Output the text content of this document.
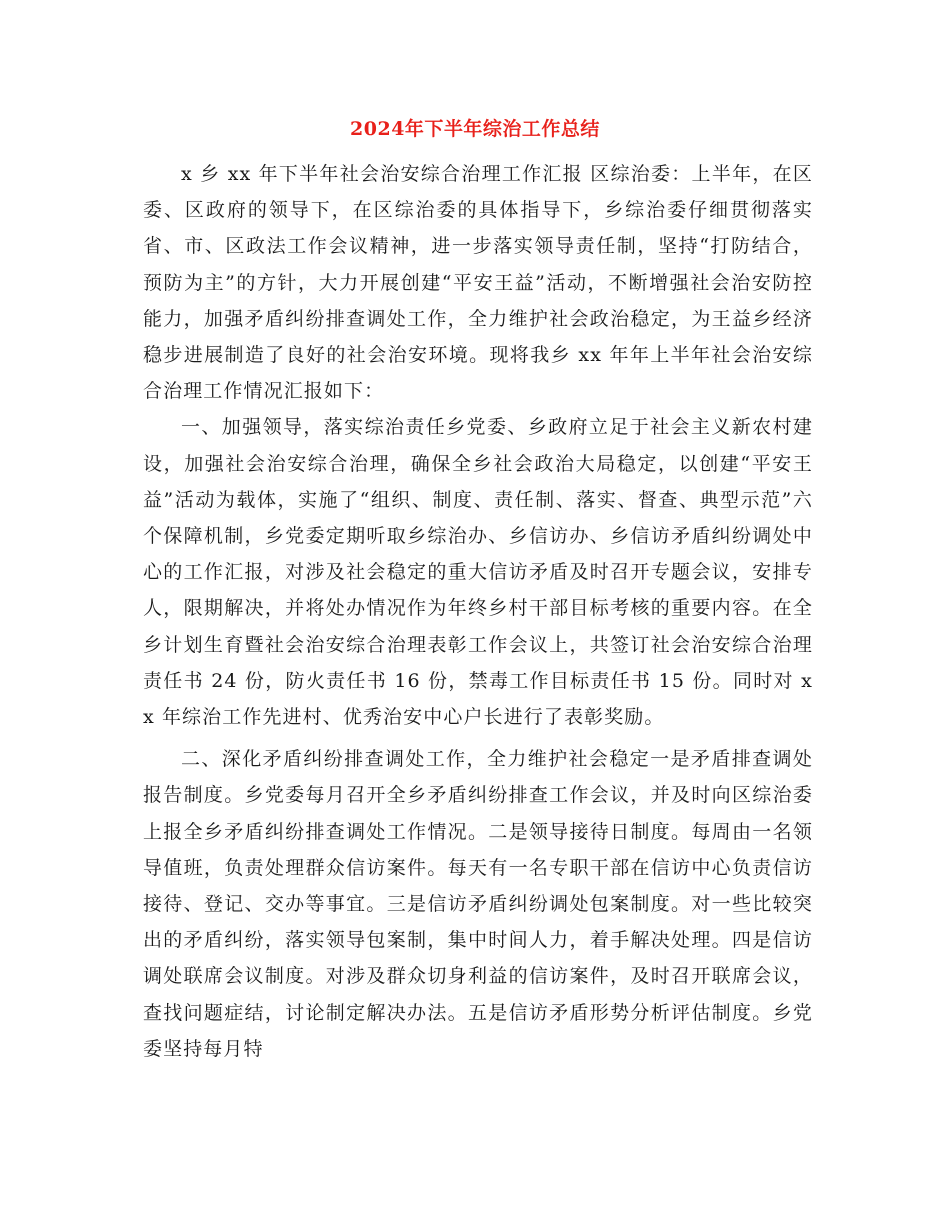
2024年下半年综治工作总结

x 乡 xx 年下半年社会治安综合治理工作汇报 区综治委：上半年，在区委、区政府的领导下，在区综治委的具体指导下，乡综治委仔细贯彻落实省、市、区政法工作会议精神，进一步落实领导责任制，坚持“打防结合，预防为主”的方针，大力开展创建“平安王益”活动，不断增强社会治安防控能力，加强矛盾纠纷排查调处工作，全力维护社会政治稳定，为王益乡经济稳步进展制造了良好的社会治安环境。现将我乡 xx 年年上半年社会治安综合治理工作情况汇报如下：

一、加强领导，落实综治责任乡党委、乡政府立足于社会主义新农村建设，加强社会治安综合治理，确保全乡社会政治大局稳定，以创建“平安王益”活动为载体，实施了“组织、制度、责任制、落实、督查、典型示范”六个保障机制，乡党委定期听取乡综治办、乡信访办、乡信访矛盾纠纷调处中心的工作汇报，对涉及社会稳定的重大信访矛盾及时召开专题会议，安排专人，限期解决，并将处办情况作为年终乡村干部目标考核的重要内容。在全乡计划生育暨社会治安综合治理表彰工作会议上，共签订社会治安综合治理责任书 24 份，防火责任书 16 份，禁毒工作目标责任书 15 份。同时对 xx 年综治工作先进村、优秀治安中心户长进行了表彰奖励。

二、深化矛盾纠纷排查调处工作，全力维护社会稳定一是矛盾排查调处报告制度。乡党委每月召开全乡矛盾纠纷排查工作会议，并及时向区综治委上报全乡矛盾纠纷排查调处工作情况。二是领导接待日制度。每周由一名领导值班，负责处理群众信访案件。每天有一名专职干部在信访中心负责信访接待、登记、交办等事宜。三是信访矛盾纠纷调处包案制度。对一些比较突出的矛盾纠纷，落实领导包案制，集中时间人力，着手解决处理。四是信访调处联席会议制度。对涉及群众切身利益的信访案件，及时召开联席会议，查找问题症结，讨论制定解决办法。五是信访矛盾形势分析评估制度。乡党委坚持每月特
